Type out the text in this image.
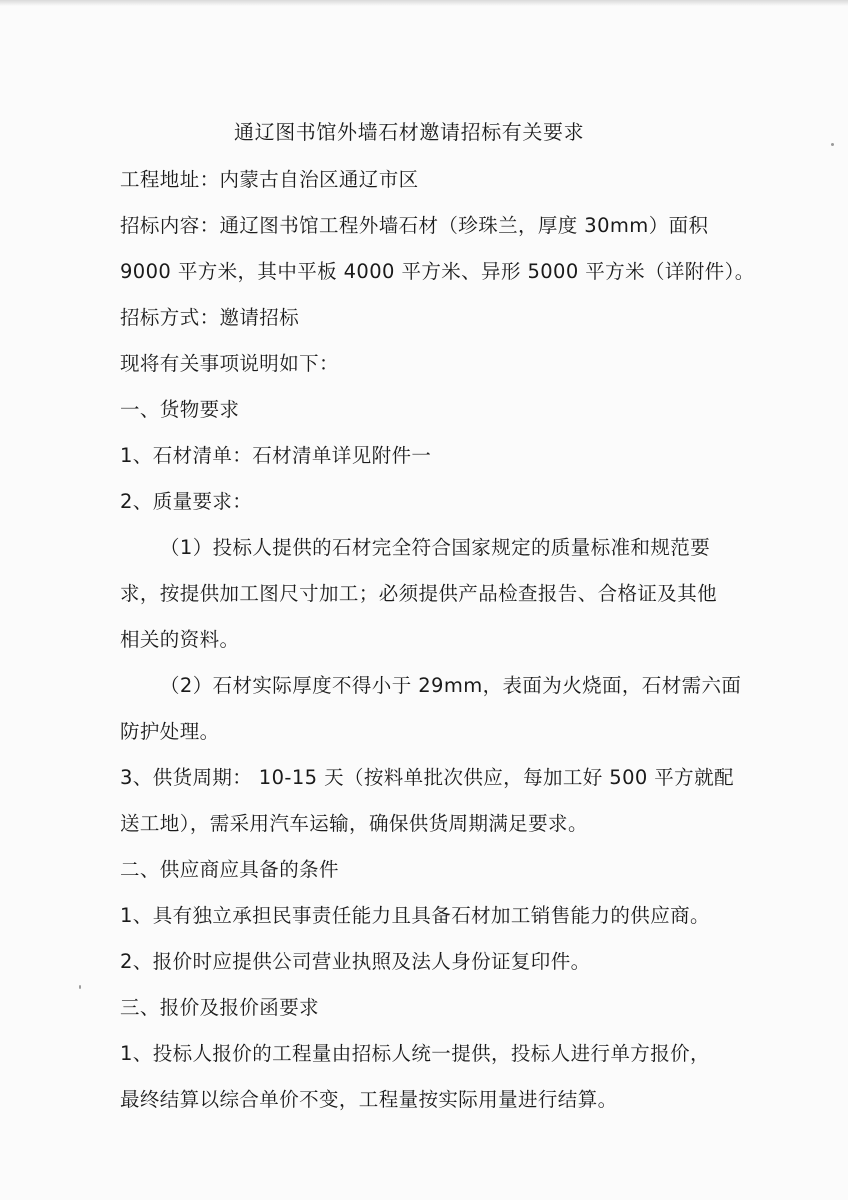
通辽图书馆外墙石材邀请招标有关要求
工程地址：内蒙古自治区通辽市区
招标内容：通辽图书馆工程外墙石材（珍珠兰，厚度 30mm）面积
9000 平方米，其中平板 4000 平方米、异形 5000 平方米（详附件）。
招标方式：邀请招标
现将有关事项说明如下：
一、货物要求
1、石材清单：石材清单详见附件一
2、质量要求：
（1）投标人提供的石材完全符合国家规定的质量标准和规范要
求，按提供加工图尺寸加工；必须提供产品检查报告、合格证及其他
相关的资料。
（2）石材实际厚度不得小于 29mm，表面为火烧面，石材需六面
防护处理。
3、供货周期： 10-15 天（按料单批次供应，每加工好 500 平方就配
送工地），需采用汽车运输，确保供货周期满足要求。
二、供应商应具备的条件
1、具有独立承担民事责任能力且具备石材加工销售能力的供应商。
2、报价时应提供公司营业执照及法人身份证复印件。
三、报价及报价函要求
1、投标人报价的工程量由招标人统一提供，投标人进行单方报价，
最终结算以综合单价不变，工程量按实际用量进行结算。
